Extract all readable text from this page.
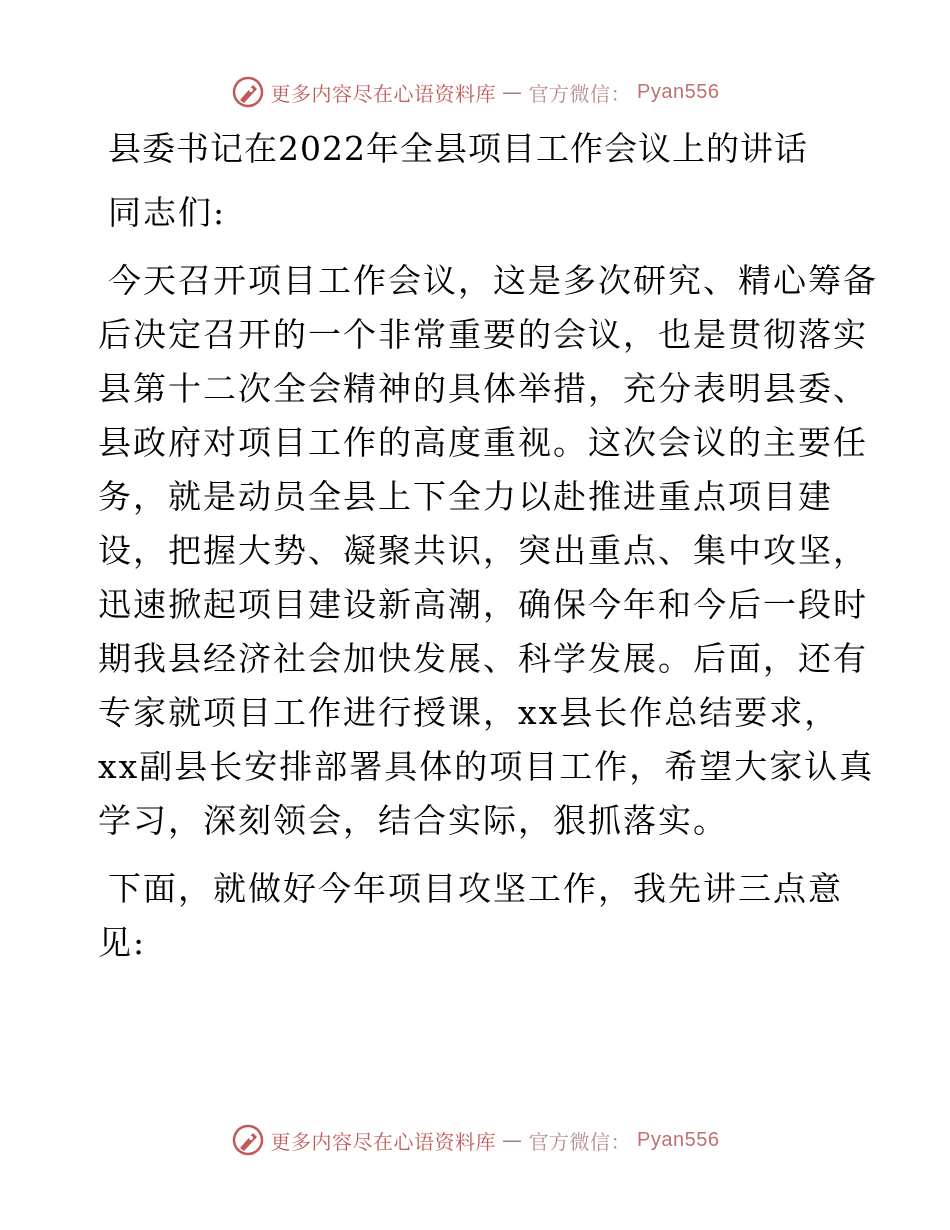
更多内容尽在心语资料库 — 官方微信： Pyan556
县委书记在2022年全县项目工作会议上的讲话

同志们:

今天召开项目工作会议，这是多次研究、精心筹备后决定召开的一个非常重要的会议，也是贯彻落实县第十二次全会精神的具体举措，充分表明县委、县政府对项目工作的高度重视。这次会议的主要任务，就是动员全县上下全力以赴推进重点项目建设，把握大势、凝聚共识，突出重点、集中攻坚，迅速掀起项目建设新高潮，确保今年和今后一段时期我县经济社会加快发展、科学发展。后面，还有专家就项目工作进行授课，xx县长作总结要求，xx副县长安排部署具体的项目工作，希望大家认真学习，深刻领会，结合实际，狠抓落实。

下面，就做好今年项目攻坚工作，我先讲三点意见:

更多内容尽在心语资料库 — 官方微信： Pyan556
